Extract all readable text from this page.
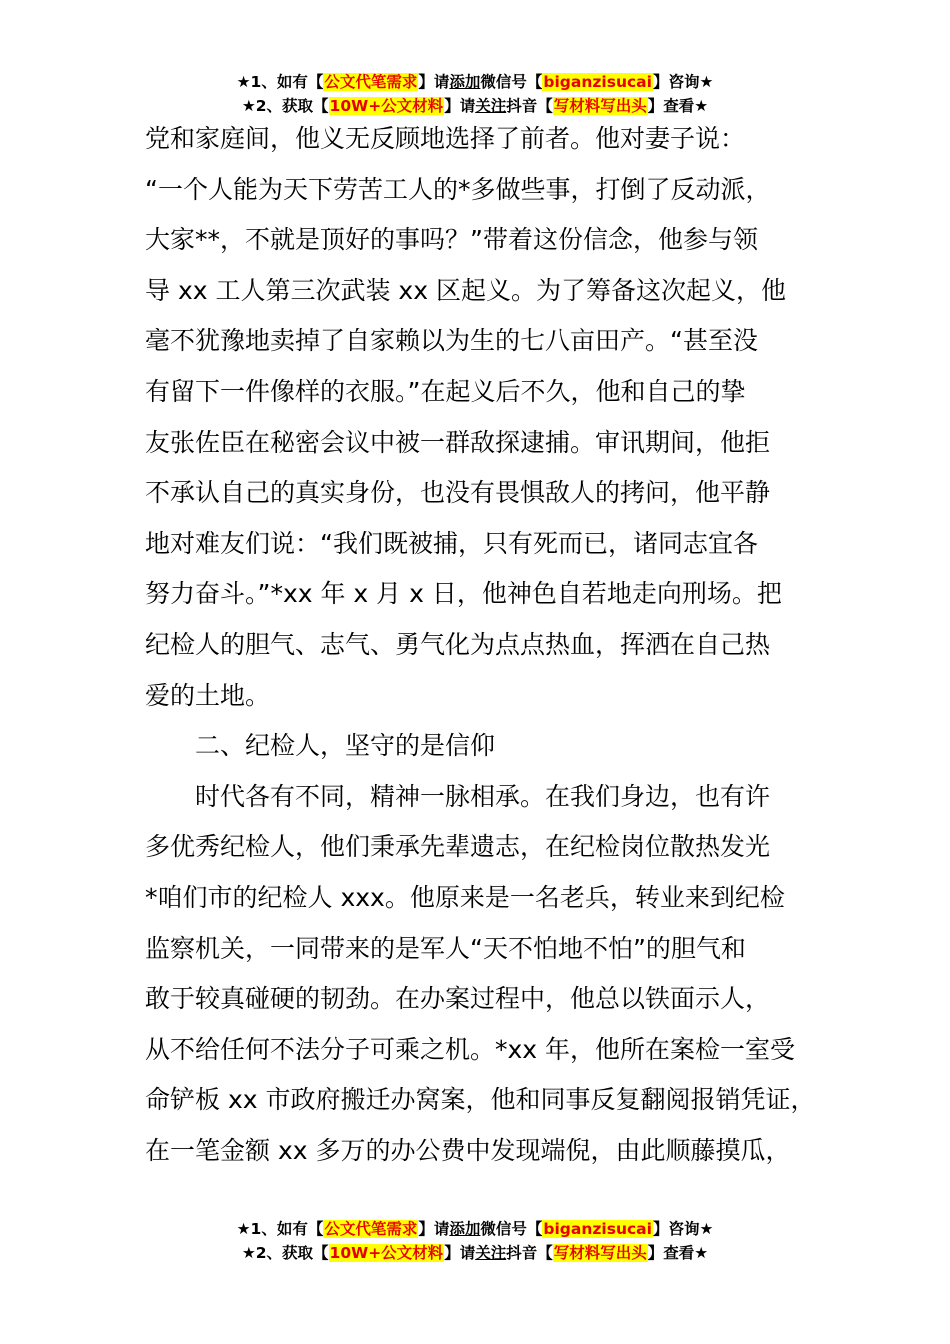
★1、如有【公文代笔需求】请添加微信号【biganzisucai】咨询★
★2、获取【10W+公文材料】请关注抖音【写材料写出头】查看★
党和家庭间，他义无反顾地选择了前者。他对妻子说：
“一个人能为天下劳苦工人的*多做些事，打倒了反动派，
大家**，不就是顶好的事吗？”带着这份信念，他参与领
导 xx 工人第三次武装 xx 区起义。为了筹备这次起义，他
毫不犹豫地卖掉了自家赖以为生的七八亩田产。“甚至没
有留下一件像样的衣服。”在起义后不久，他和自己的挚
友张佐臣在秘密会议中被一群敌探逮捕。审讯期间，他拒
不承认自己的真实身份，也没有畏惧敌人的拷问，他平静
地对难友们说：“我们既被捕，只有死而已，诸同志宜各
努力奋斗。”*xx 年 x 月 x 日，他神色自若地走向刑场。把
纪检人的胆气、志气、勇气化为点点热血，挥洒在自己热
爱的土地。
二、纪检人，坚守的是信仰
时代各有不同，精神一脉相承。在我们身边，也有许
多优秀纪检人，他们秉承先辈遗志，在纪检岗位散热发光
*咱们市的纪检人 xxx。他原来是一名老兵，转业来到纪检
监察机关，一同带来的是军人“天不怕地不怕”的胆气和
敢于较真碰硬的韧劲。在办案过程中，他总以铁面示人，
从不给任何不法分子可乘之机。*xx 年，他所在案检一室受
命铲板 xx 市政府搬迁办窝案，他和同事反复翻阅报销凭证，
在一笔金额 xx 多万的办公费中发现端倪，由此顺藤摸瓜，
★1、如有【公文代笔需求】请添加微信号【biganzisucai】咨询★
★2、获取【10W+公文材料】请关注抖音【写材料写出头】查看★
